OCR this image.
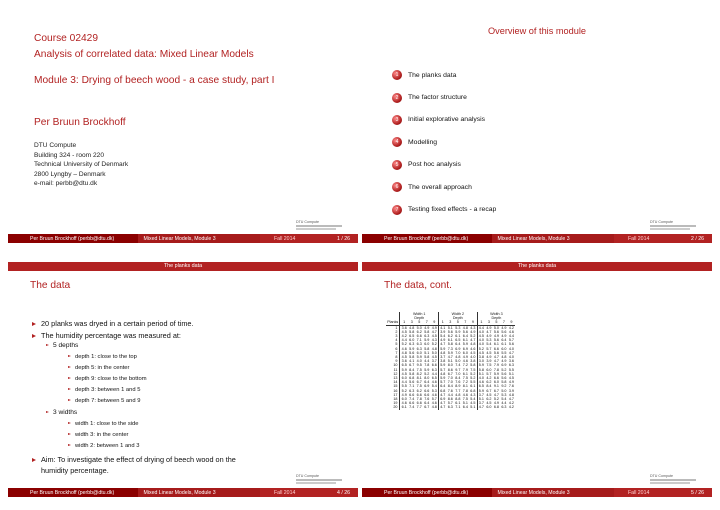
Course 02429
Analysis of correlated data: Mixed Linear Models
Module 3: Drying of beech wood - a case study, part I
Per Bruun Brockhoff
DTU Compute
Building 324 - room 220
Technical University of Denmark
2800 Lyngby – Denmark
e-mail: perbb@dtu.dk
DTU Compute
Per Bruun Brockhoff (perbb@dtu.dk)	Mixed Linear Models, Module 3	Fall 2014	1 / 26
Overview of this module
1	The planks data
2	The factor structure
3	Initial explorative analysis
4	Modelling
5	Post hoc analysis
6	The overall approach
7	Testing fixed effects - a recap
DTU Compute
Per Bruun Brockhoff (perbb@dtu.dk)	Mixed Linear Models, Module 3	Fall 2014	2 / 26
The planks data
The data
20 planks was dryed in a certain period of time.
The humidity percentage was measured at:
5 depths
depth 1: close to the top
depth 5: in the center
depth 9: close to the bottom
depth 3: between 1 and 5
depth 7: between 5 and 9
3 widths
width 1: close to the side
width 3: in the center
width 2: between 1 and 3
Aim: To investigate the effect of drying of beech wood on the
humidity percentage.
DTU Compute
Per Bruun Brockhoff (perbb@dtu.dk)	Mixed Linear Models, Module 3	Fall 2014	4 / 26
The planks data
The data, cont.
	Width 1					Width 2					Width 3				
	Depth					Depth					Depth				
Planks	1	3	5	7	9	1	3	5	7	9	1	3	5	7	9
1	3.6	4.8	5.0	4.9	4.9	4.1	5.1	5.3	4.8	4.3	4.4	4.9	5.0	4.9	4.2
2	4.5	5.8	6.2	5.8	4.7	3.9	5.6	5.9	5.6	4.9	4.0	4.7	5.6	5.6	4.6
3	4.2	6.5	6.6	6.3	4.5	5.4	6.2	6.1	6.4	5.2	4.5	4.9	4.9	4.9	4.4
4	4.4	6.0	7.1	5.9	4.3	4.9	6.1	6.5	6.1	4.7	4.0	5.3	5.6	6.4	5.7
5	5.2	6.3	6.3	6.0	5.2	4.7	5.8	6.4	5.9	4.8	4.0	5.4	6.1	6.1	5.6
6	4.6	5.9	6.3	5.8	4.8	5.9	7.3	6.9	6.9	4.6	5.2	5.7	6.6	6.0	4.0
7	4.8	5.6	6.0	5.1	5.0	4.8	5.9	7.0	6.0	4.5	4.5	4.5	5.6	5.5	4.7
8	4.5	5.8	5.9	5.8	4.5	3.7	4.7	4.8	4.9	4.0	3.8	4.9	4.7	4.8	4.0
9	3.6	4.1	4.0	4.4	3.7	3.8	5.1	5.0	4.6	3.8	3.0	3.9	4.7	4.9	3.6
10	6.5	6.7	9.5	7.8	6.6	5.9	8.0	7.4	7.2	5.8	5.9	7.5	7.9	6.9	6.3
11	5.9	8.4	7.5	5.9	6.3	5.7	8.6	9.7	7.9	7.5	5.8	6.0	7.8	5.2	5.5
12	4.5	5.8	8.2	5.2	4.4	4.8	6.7	7.0	6.1	5.2	5.1	5.7	5.9	5.6	5.1
13	6.0	6.8	8.1	8.0	6.5	5.9	7.0	8.4	7.5	5.2	4.0	4.2	6.6	5.6	4.5
14	4.4	5.6	6.7	6.4	4.6	5.7	7.0	7.6	7.2	5.5	4.6	6.2	6.0	5.8	4.9
15	5.5	7.1	7.5	6.9	5.4	6.4	8.4	8.9	8.1	6.1	6.5	8.4	9.1	9.2	7.6
16	5.2	6.3	6.2	6.6	5.3	6.8	7.6	7.7	7.8	6.8	5.9	6.7	6.7	5.0	3.9
17	4.9	6.6	6.6	6.6	4.6	4.7	4.4	4.8	4.6	4.3	3.7	4.5	4.7	5.3	4.8
18	6.0	7.4	7.8	7.6	5.7	6.9	8.6	8.8	7.5	5.4	5.1	6.2	5.2	5.4	4.7
19	4.6	6.6	6.6	6.4	4.6	4.7	5.7	6.1	5.1	4.5	3.7	4.5	4.9	4.4	4.2
20	6.1	7.4	7.7	6.7	4.8	4.7	6.3	7.1	6.4	5.1	4.7	6.0	6.8	6.3	4.2
DTU Compute
Per Bruun Brockhoff (perbb@dtu.dk)	Mixed Linear Models, Module 3	Fall 2014	5 / 26
